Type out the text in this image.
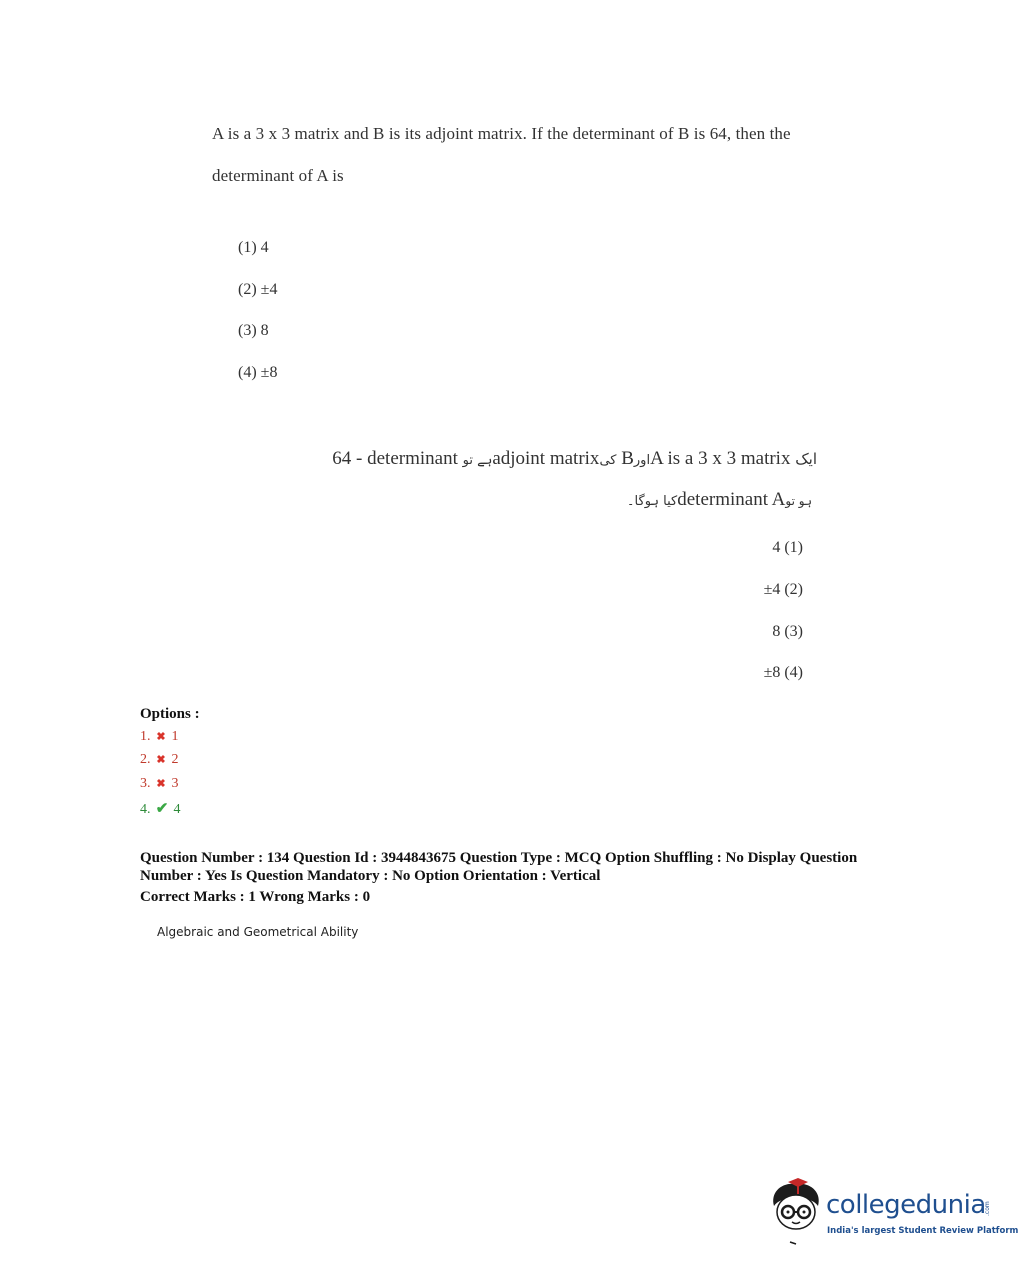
A is a 3 x 3 matrix and B is its adjoint matrix. If the determinant of B is 64, then the
determinant of A is
(1) 4
(2) ±4
(3) 8
(4) ±8
64 - determinant ہے توadjoint matrixکی BاورA is a 3 x 3 matrix ایک
کیا ہوگا۔determinant Aہو تو
4 (1)
±4 (2)
8 (3)
±8 (4)
Options :
1. ✖ 1
2. ✖ 2
3. ✖ 3
4. ✔ 4
Question Number : 134 Question Id : 3944843675 Question Type : MCQ Option Shuffling : No Display Question
Number : Yes Is Question Mandatory : No Option Orientation : Vertical
Correct Marks : 1 Wrong Marks : 0
Algebraic and Geometrical Ability
collegedunia
.com
India's largest Student Review Platform
